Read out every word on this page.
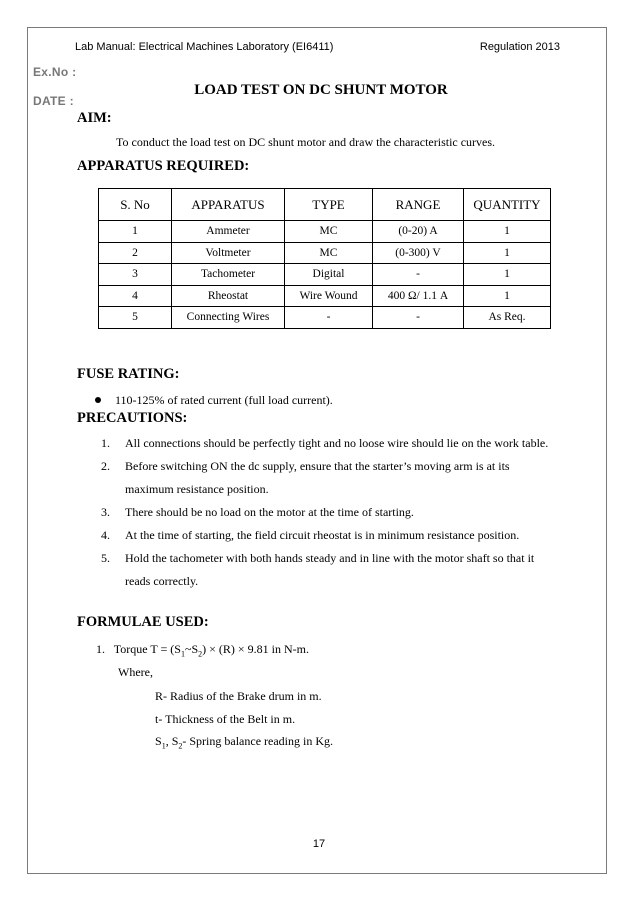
Lab Manual: Electrical Machines Laboratory (EI6411)	Regulation 2013
Ex.No :
DATE :
LOAD TEST ON DC SHUNT MOTOR
AIM:
To conduct the load test on DC shunt motor and draw the characteristic curves.
APPARATUS REQUIRED:
S. No	APPARATUS	TYPE	RANGE	QUANTITY
1	Ammeter	MC	(0-20) A	1
2	Voltmeter	MC	(0-300) V	1
3	Tachometer	Digital	-	1
4	Rheostat	Wire Wound	400 Ω/ 1.1 A	1
5	Connecting Wires	-	-	As Req.
FUSE RATING:
110-125% of rated current (full load current).
PRECAUTIONS:
1.	All connections should be perfectly tight and no loose wire should lie on the work table.
2.	Before switching ON the dc supply, ensure that the starter’s moving arm is at its maximum resistance position.
3.	There should be no load on the motor at the time of starting.
4.	At the time of starting, the field circuit rheostat is in minimum resistance position.
5.	Hold the tachometer with both hands steady and in line with the motor shaft so that it reads correctly.
FORMULAE USED:
1. Torque $T = (S_1\sim S_2) \times (R) \times 9.81$ in N-m.
Where,
R- Radius of the Brake drum in m.
t- Thickness of the Belt in m.
$S_1$, $S_2-$ Spring balance reading in Kg.
17
